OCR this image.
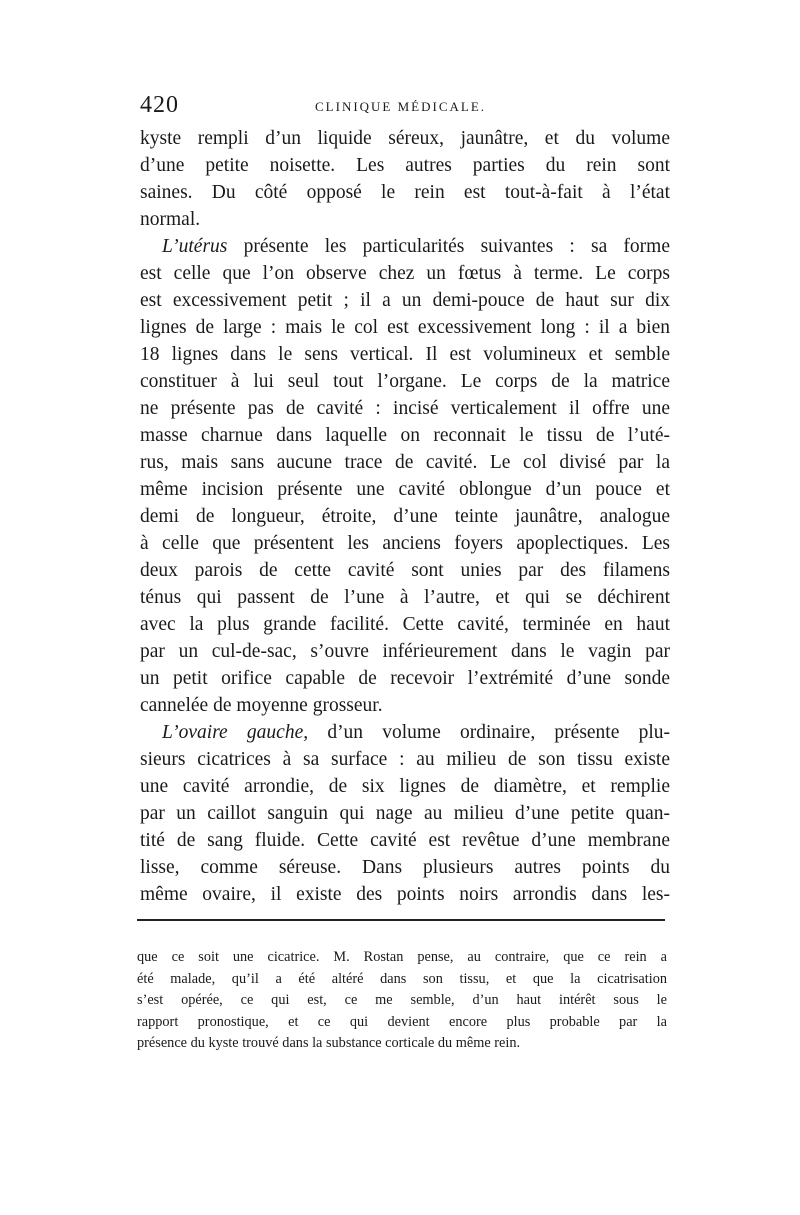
420	CLINIQUE MÉDICALE.
kyste rempli d’un liquide séreux, jaunâtre, et du volume
d’une petite noisette. Les autres parties du rein sont
saines. Du côté opposé le rein est tout-à-fait à l’état
normal.
L’utérus présente les particularités suivantes : sa forme
est celle que l’on observe chez un fœtus à terme. Le corps
est excessivement petit ; il a un demi-pouce de haut sur dix
lignes de large : mais le col est excessivement long : il a bien
18 lignes dans le sens vertical. Il est volumineux et semble
constituer à lui seul tout l’organe. Le corps de la matrice
ne présente pas de cavité : incisé verticalement il offre une
masse charnue dans laquelle on reconnait le tissu de l’uté-
rus, mais sans aucune trace de cavité. Le col divisé par la
même incision présente une cavité oblongue d’un pouce et
demi de longueur, étroite, d’une teinte jaunâtre, analogue
à celle que présentent les anciens foyers apoplectiques. Les
deux parois de cette cavité sont unies par des filamens
ténus qui passent de l’une à l’autre, et qui se déchirent
avec la plus grande facilité. Cette cavité, terminée en haut
par un cul-de-sac, s’ouvre inférieurement dans le vagin par
un petit orifice capable de recevoir l’extrémité d’une sonde
cannelée de moyenne grosseur.
L’ovaire gauche, d’un volume ordinaire, présente plu-
sieurs cicatrices à sa surface : au milieu de son tissu existe
une cavité arrondie, de six lignes de diamètre, et remplie
par un caillot sanguin qui nage au milieu d’une petite quan-
tité de sang fluide. Cette cavité est revêtue d’une membrane
lisse, comme séreuse. Dans plusieurs autres points du
même ovaire, il existe des points noirs arrondis dans les-
que ce soit une cicatrice. M. Rostan pense, au contraire, que ce rein a
été malade, qu’il a été altéré dans son tissu, et que la cicatrisation
s’est opérée, ce qui est, ce me semble, d’un haut intérêt sous le
rapport pronostique, et ce qui devient encore plus probable par la
présence du kyste trouvé dans la substance corticale du même rein.
